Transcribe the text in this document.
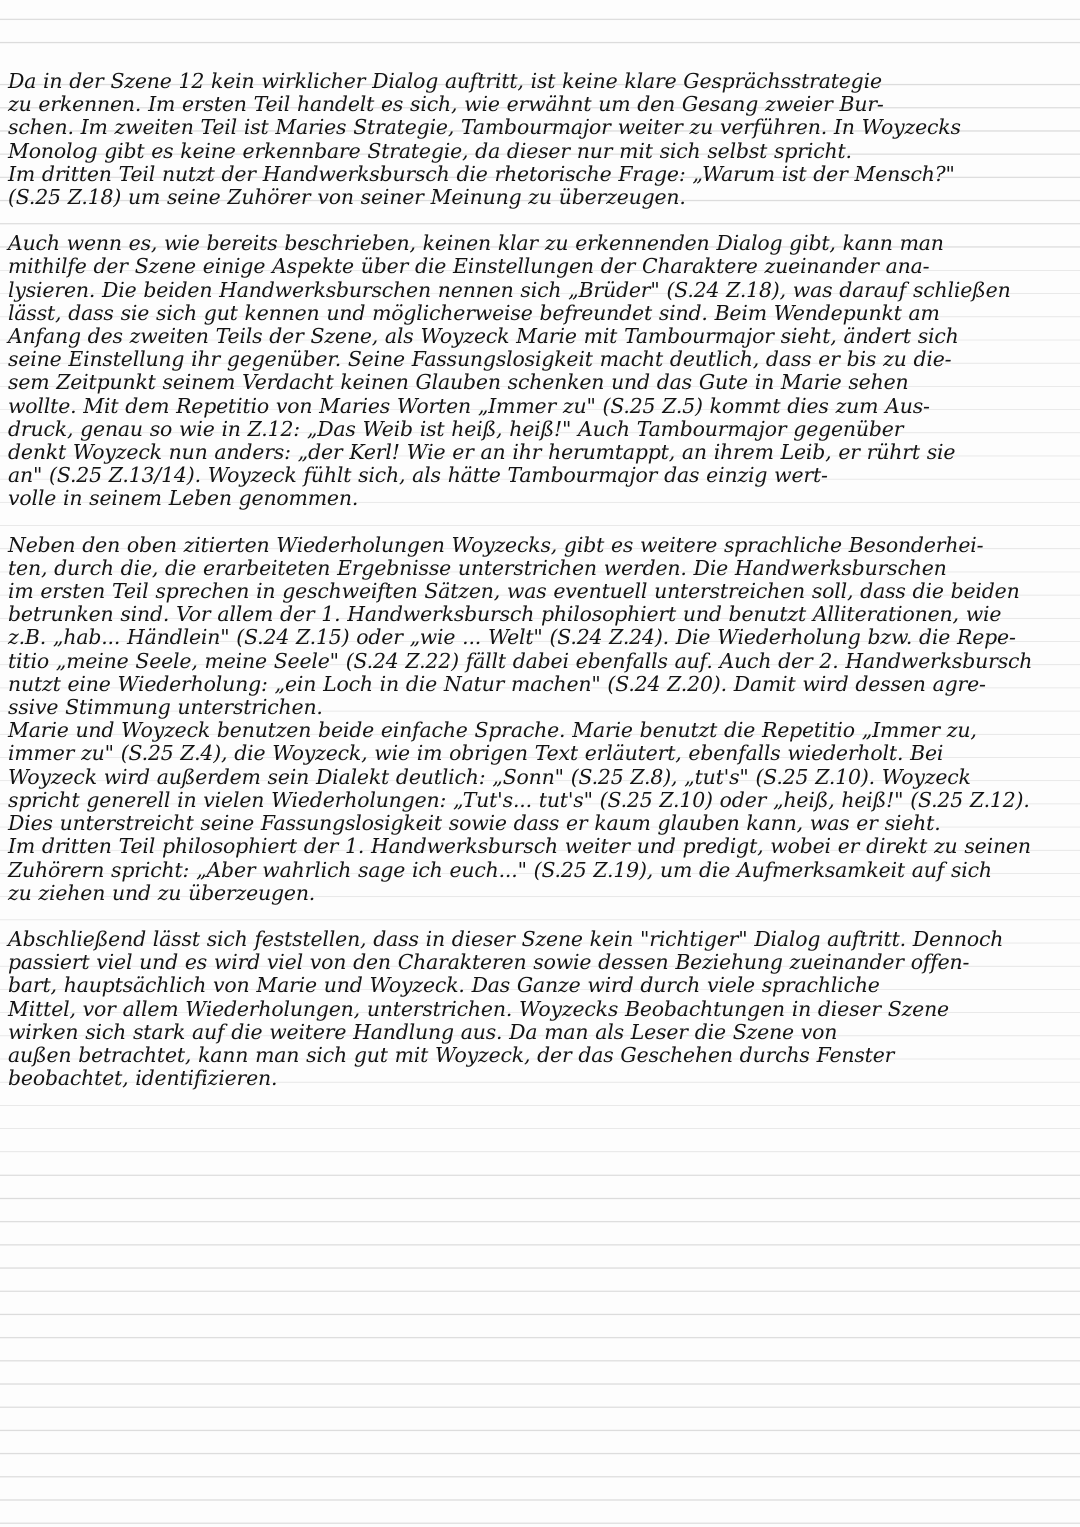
Da in der Szene 12 kein wirklicher Dialog auftritt, ist keine klare Gesprächsstrategie
zu erkennen. Im ersten Teil handelt es sich, wie erwähnt um den Gesang zweier Bur-
schen. Im zweiten Teil ist Maries Strategie, Tambourmajor weiter zu verführen. In Woyzecks
Monolog gibt es keine erkennbare Strategie, da dieser nur mit sich selbst spricht.
Im dritten Teil nutzt der Handwerksbursch die rhetorische Frage: „Warum ist der Mensch?"
(S.25 Z.18) um seine Zuhörer von seiner Meinung zu überzeugen.

Auch wenn es, wie bereits beschrieben, keinen klar zu erkennenden Dialog gibt, kann man
mithilfe der Szene einige Aspekte über die Einstellungen der Charaktere zueinander ana-
lysieren. Die beiden Handwerksburschen nennen sich „Brüder" (S.24 Z.18), was darauf schließen
lässt, dass sie sich gut kennen und möglicherweise befreundet sind. Beim Wendepunkt am
Anfang des zweiten Teils der Szene, als Woyzeck Marie mit Tambourmajor sieht, ändert sich
seine Einstellung ihr gegenüber. Seine Fassungslosigkeit macht deutlich, dass er bis zu die-
sem Zeitpunkt seinem Verdacht keinen Glauben schenken und das Gute in Marie sehen
wollte. Mit dem Repetitio von Maries Worten „Immer zu" (S.25 Z.5) kommt dies zum Aus-
druck, genau so wie in Z.12: „Das Weib ist heiß, heiß!" Auch Tambourmajor gegenüber
denkt Woyzeck nun anders: „der Kerl! Wie er an ihr herumtappt, an ihrem Leib, er rührt sie
an" (S.25 Z.13/14). Woyzeck fühlt sich, als hätte Tambourmajor das einzig wert-
volle in seinem Leben genommen.

Neben den oben zitierten Wiederholungen Woyzecks, gibt es weitere sprachliche Besonderhei-
ten, durch die, die erarbeiteten Ergebnisse unterstrichen werden. Die Handwerksburschen
im ersten Teil sprechen in geschweiften Sätzen, was eventuell unterstreichen soll, dass die beiden
betrunken sind. Vor allem der 1. Handwerksbursch philosophiert und benutzt Alliterationen, wie
z.B. „hab... Händlein" (S.24 Z.15) oder „wie ... Welt" (S.24 Z.24). Die Wiederholung bzw. die Repe-
titio „meine Seele, meine Seele" (S.24 Z.22) fällt dabei ebenfalls auf. Auch der 2. Handwerksbursch
nutzt eine Wiederholung: „ein Loch in die Natur machen" (S.24 Z.20). Damit wird dessen agre-
ssive Stimmung unterstrichen.
Marie und Woyzeck benutzen beide einfache Sprache. Marie benutzt die Repetitio „Immer zu,
immer zu" (S.25 Z.4), die Woyzeck, wie im obrigen Text erläutert, ebenfalls wiederholt. Bei
Woyzeck wird außerdem sein Dialekt deutlich: „Sonn" (S.25 Z.8), „tut's" (S.25 Z.10). Woyzeck
spricht generell in vielen Wiederholungen: „Tut's... tut's" (S.25 Z.10) oder „heiß, heiß!" (S.25 Z.12).
Dies unterstreicht seine Fassungslosigkeit sowie dass er kaum glauben kann, was er sieht.
Im dritten Teil philosophiert der 1. Handwerksbursch weiter und predigt, wobei er direkt zu seinen
Zuhörern spricht: „Aber wahrlich sage ich euch..." (S.25 Z.19), um die Aufmerksamkeit auf sich
zu ziehen und zu überzeugen.

Abschließend lässt sich feststellen, dass in dieser Szene kein "richtiger" Dialog auftritt. Dennoch
passiert viel und es wird viel von den Charakteren sowie dessen Beziehung zueinander offen-
bart, hauptsächlich von Marie und Woyzeck. Das Ganze wird durch viele sprachliche
Mittel, vor allem Wiederholungen, unterstrichen. Woyzecks Beobachtungen in dieser Szene
wirken sich stark auf die weitere Handlung aus. Da man als Leser die Szene von
außen betrachtet, kann man sich gut mit Woyzeck, der das Geschehen durchs Fenster
beobachtet, identifizieren.
